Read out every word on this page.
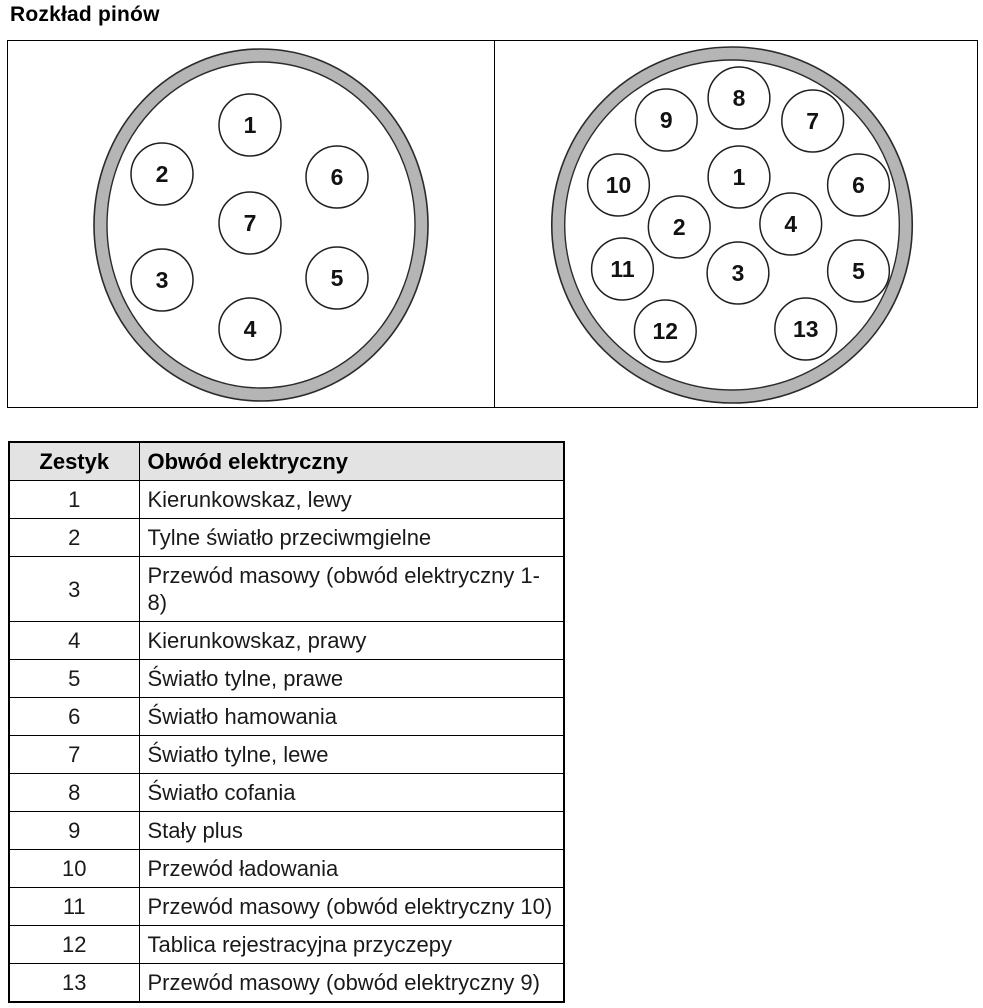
Rozkład pinów
1
2	6
7
3	5
4
8
9	7
10	1	6
2	4
11	3	5
12	13
Zestyk	Obwód elektryczny
1	Kierunkowskaz, lewy
2	Tylne światło przeciwmgielne
3	Przewód masowy (obwód elektryczny 1-8)
4	Kierunkowskaz, prawy
5	Światło tylne, prawe
6	Światło hamowania
7	Światło tylne, lewe
8	Światło cofania
9	Stały plus
10	Przewód ładowania
11	Przewód masowy (obwód elektryczny 10)
12	Tablica rejestracyjna przyczepy
13	Przewód masowy (obwód elektryczny 9)
